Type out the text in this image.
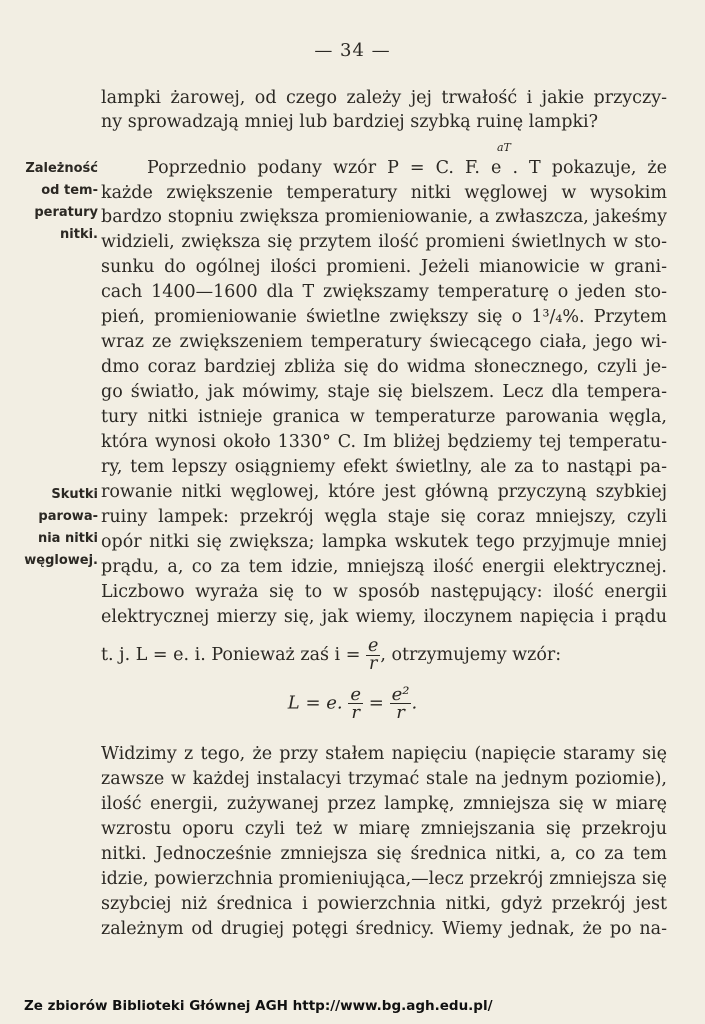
— 34 —
lampki żarowej, od czego zależy jej trwałość i jakie przyczy-
ny sprowadzają mniej lub bardziej szybką ruinę lampki?
aT
Poprzednio podany wzór P = C. F. e . T pokazuje, że
każde zwiększenie temperatury nitki węglowej w wysokim
bardzo stopniu zwiększa promieniowanie, a zwłaszcza, jakeśmy
widzieli, zwiększa się przytem ilość promieni świetlnych w sto-
sunku do ogólnej ilości promieni. Jeżeli mianowicie w grani-
cach 1400—1600 dla T zwiększamy temperaturę o jeden sto-
pień, promieniowanie świetlne zwiększy się o 1³/₄%. Przytem
wraz ze zwiększeniem temperatury świecącego ciała, jego wi-
dmo coraz bardziej zbliża się do widma słonecznego, czyli je-
go światło, jak mówimy, staje się bielszem. Lecz dla tempera-
tury nitki istnieje granica w temperaturze parowania węgla,
która wynosi około 1330° C. Im bliżej będziemy tej temperatu-
ry, tem lepszy osiągniemy efekt świetlny, ale za to nastąpi pa-
rowanie nitki węglowej, które jest główną przyczyną szybkiej
ruiny lampek: przekrój węgla staje się coraz mniejszy, czyli
opór nitki się zwiększa; lampka wskutek tego przyjmuje mniej
prądu, a, co za tem idzie, mniejszą ilość energii elektrycznej.
Liczbowo wyraża się to w sposób następujący: ilość energii
elektrycznej mierzy się, jak wiemy, iloczynem napięcia i prądu
t. j. L = e. i. Ponieważ zaś $i = \frac{e}{r}$ , otrzymujemy wzór:
L = e. $\frac{e}{r} = \frac{\text{e²}}{r}$ .
Widzimy z tego, że przy stałem napięciu (napięcie staramy się
zawsze w każdej instalacyi trzymać stale na jednym poziomie),
ilość energii, zużywanej przez lampkę, zmniejsza się w miarę
wzrostu oporu czyli też w miarę zmniejszania się przekroju
nitki. Jednocześnie zmniejsza się średnica nitki, a, co za tem
idzie, powierzchnia promieniująca,—lecz przekrój zmniejsza się
szybciej niż średnica i powierzchnia nitki, gdyż przekrój jest
zależnym od drugiej potęgi średnicy. Wiemy jednak, że po na-
Zależność
od tem-
peratury
nitki.
Skutki
parowa-
nia nitki
węglowej.
Ze zbiorów Biblioteki Głównej AGH http://www.bg.agh.edu.pl/
